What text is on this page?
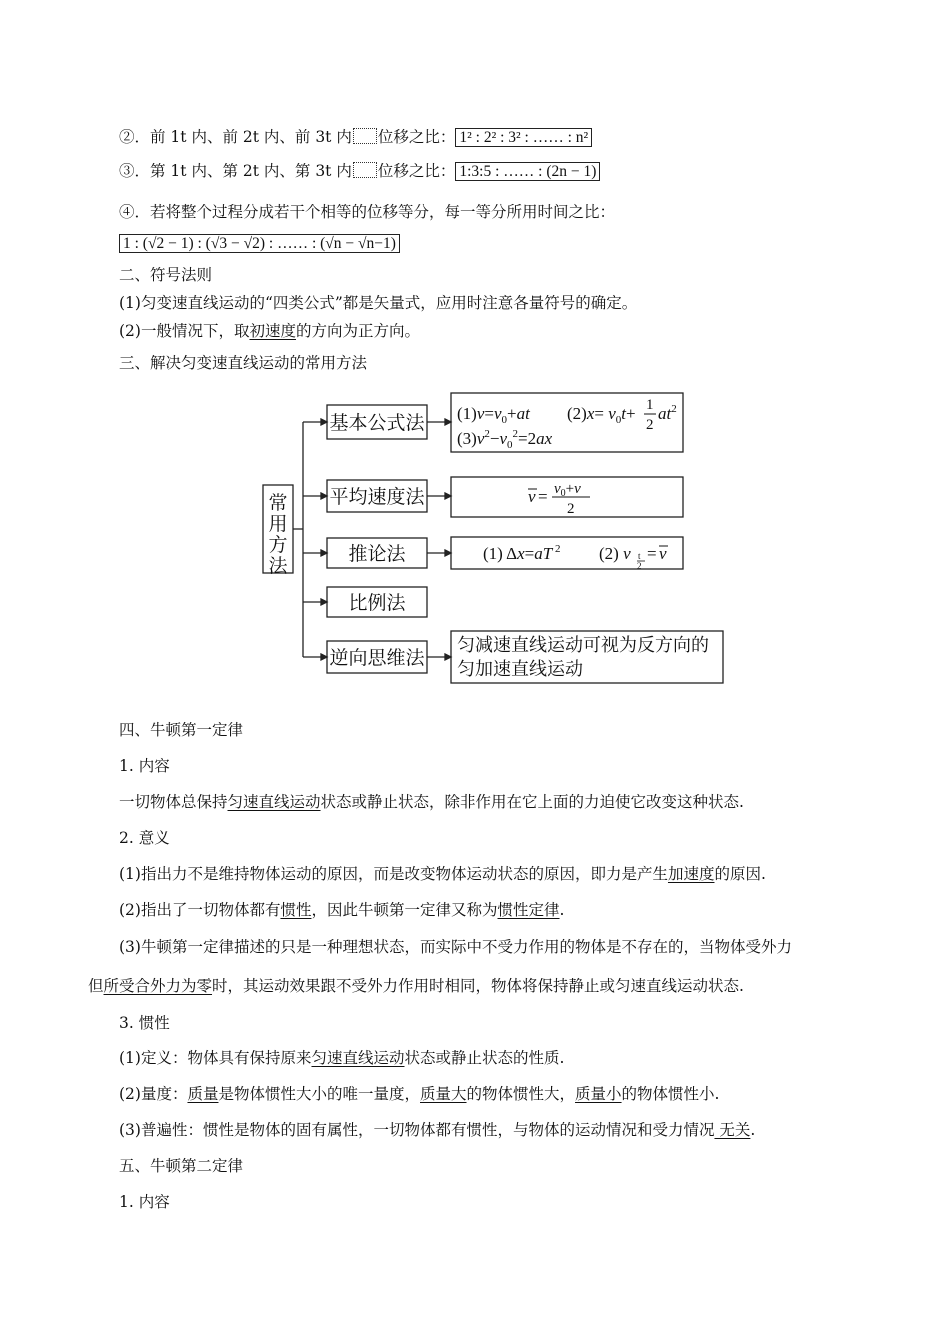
②．前 1t 内、前 2t 内、前 3t 内 位移之比： 1² : 2² : 3² : …… : n²
③．第 1t 内、第 2t 内、第 3t 内 位移之比： 1:3:5 : …… : (2n − 1)
④．若将整个过程分成若干个相等的位移等分，每一等分所用时间之比：
1 : (√2 − 1) : (√3 − √2) : …… : (√n − √n−1)
二、符号法则
(1)匀变速直线运动的“四类公式”都是矢量式，应用时注意各量符号的确定。
(2)一般情况下，取初速度的方向为正方向。
三、解决匀变速直线运动的常用方法
常
用
方
法
基本公式法
平均速度法
推论法
比例法
逆向思维法
$(1)v=v_0+at$ $(2)x= v_0t+ 1$
2
$at^2$
$(3)v^2-v_0^2=2ax$
$v = v_0+v$
2
(1) Δx=aT $^2$ (2) v t
2
= v
匀减速直线运动可视为反方向的
匀加速直线运动
四、牛顿第一定律
1. 内容
一切物体总保持匀速直线运动状态或静止状态，除非作用在它上面的力迫使它改变这种状态.
2. 意义
(1)指出力不是维持物体运动的原因，而是改变物体运动状态的原因，即力是产生加速度的原因.
(2)指出了一切物体都有惯性，因此牛顿第一定律又称为惯性定律.
(3)牛顿第一定律描述的只是一种理想状态，而实际中不受力作用的物体是不存在的，当物体受外力
但所受合外力为零时，其运动效果跟不受外力作用时相同，物体将保持静止或匀速直线运动状态.
3. 惯性
(1)定义：物体具有保持原来匀速直线运动状态或静止状态的性质.
(2)量度：质量是物体惯性大小的唯一量度，质量大的物体惯性大，质量小的物体惯性小.
(3)普遍性：惯性是物体的固有属性，一切物体都有惯性，与物体的运动情况和受力情况 无关.
五、牛顿第二定律
1. 内容
